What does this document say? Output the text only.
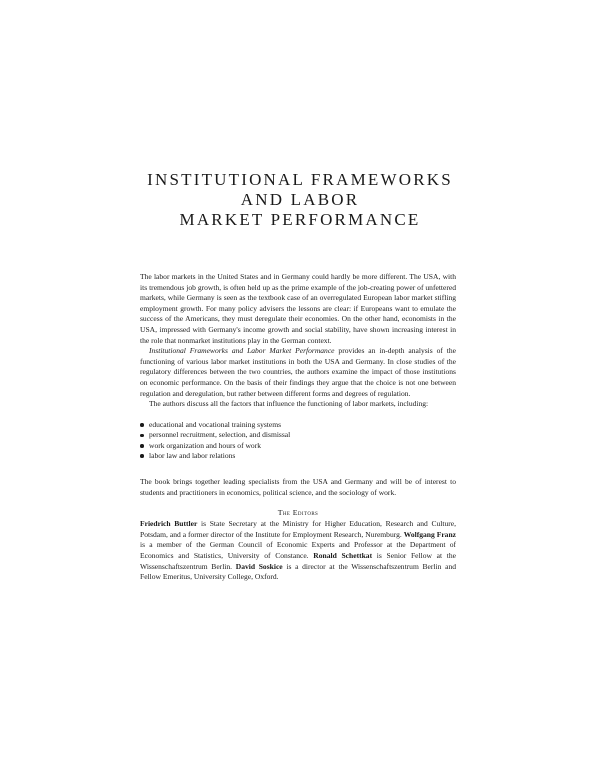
INSTITUTIONAL FRAMEWORKS
AND LABOR
MARKET PERFORMANCE

The labor markets in the United States and in Germany could hardly be more different. The USA, with its tremendous job growth, is often held up as the prime example of the job-creating power of unfettered markets, while Germany is seen as the textbook case of an overregulated European labor market stifling employment growth. For many policy advisers the lessons are clear: if Europeans want to emulate the success of the Americans, they must deregulate their economies. On the other hand, economists in the USA, impressed with Germany's income growth and social stability, have shown increasing interest in the role that nonmarket institutions play in the German context.

Institutional Frameworks and Labor Market Performance provides an in-depth analysis of the functioning of various labor market institutions in both the USA and Germany. In close studies of the regulatory differences between the two countries, the authors examine the impact of those institutions on economic performance. On the basis of their findings they argue that the choice is not one between regulation and deregulation, but rather between different forms and degrees of regulation.

The authors discuss all the factors that influence the functioning of labor markets, including:

educational and vocational training systems
personnel recruitment, selection, and dismissal
work organization and hours of work
labor law and labor relations

The book brings together leading specialists from the USA and Germany and will be of interest to students and practitioners in economics, political science, and the sociology of work.

The Editors

Friedrich Buttler is State Secretary at the Ministry for Higher Education, Research and Culture, Potsdam, and a former director of the Institute for Employment Research, Nuremburg. Wolfgang Franz is a member of the German Council of Economic Experts and Professor at the Department of Economics and Statistics, University of Constance. Ronald Schettkat is Senior Fellow at the Wissenschaftszentrum Berlin. David Soskice is a director at the Wissenschaftszentrum Berlin and Fellow Emeritus, University College, Oxford.
